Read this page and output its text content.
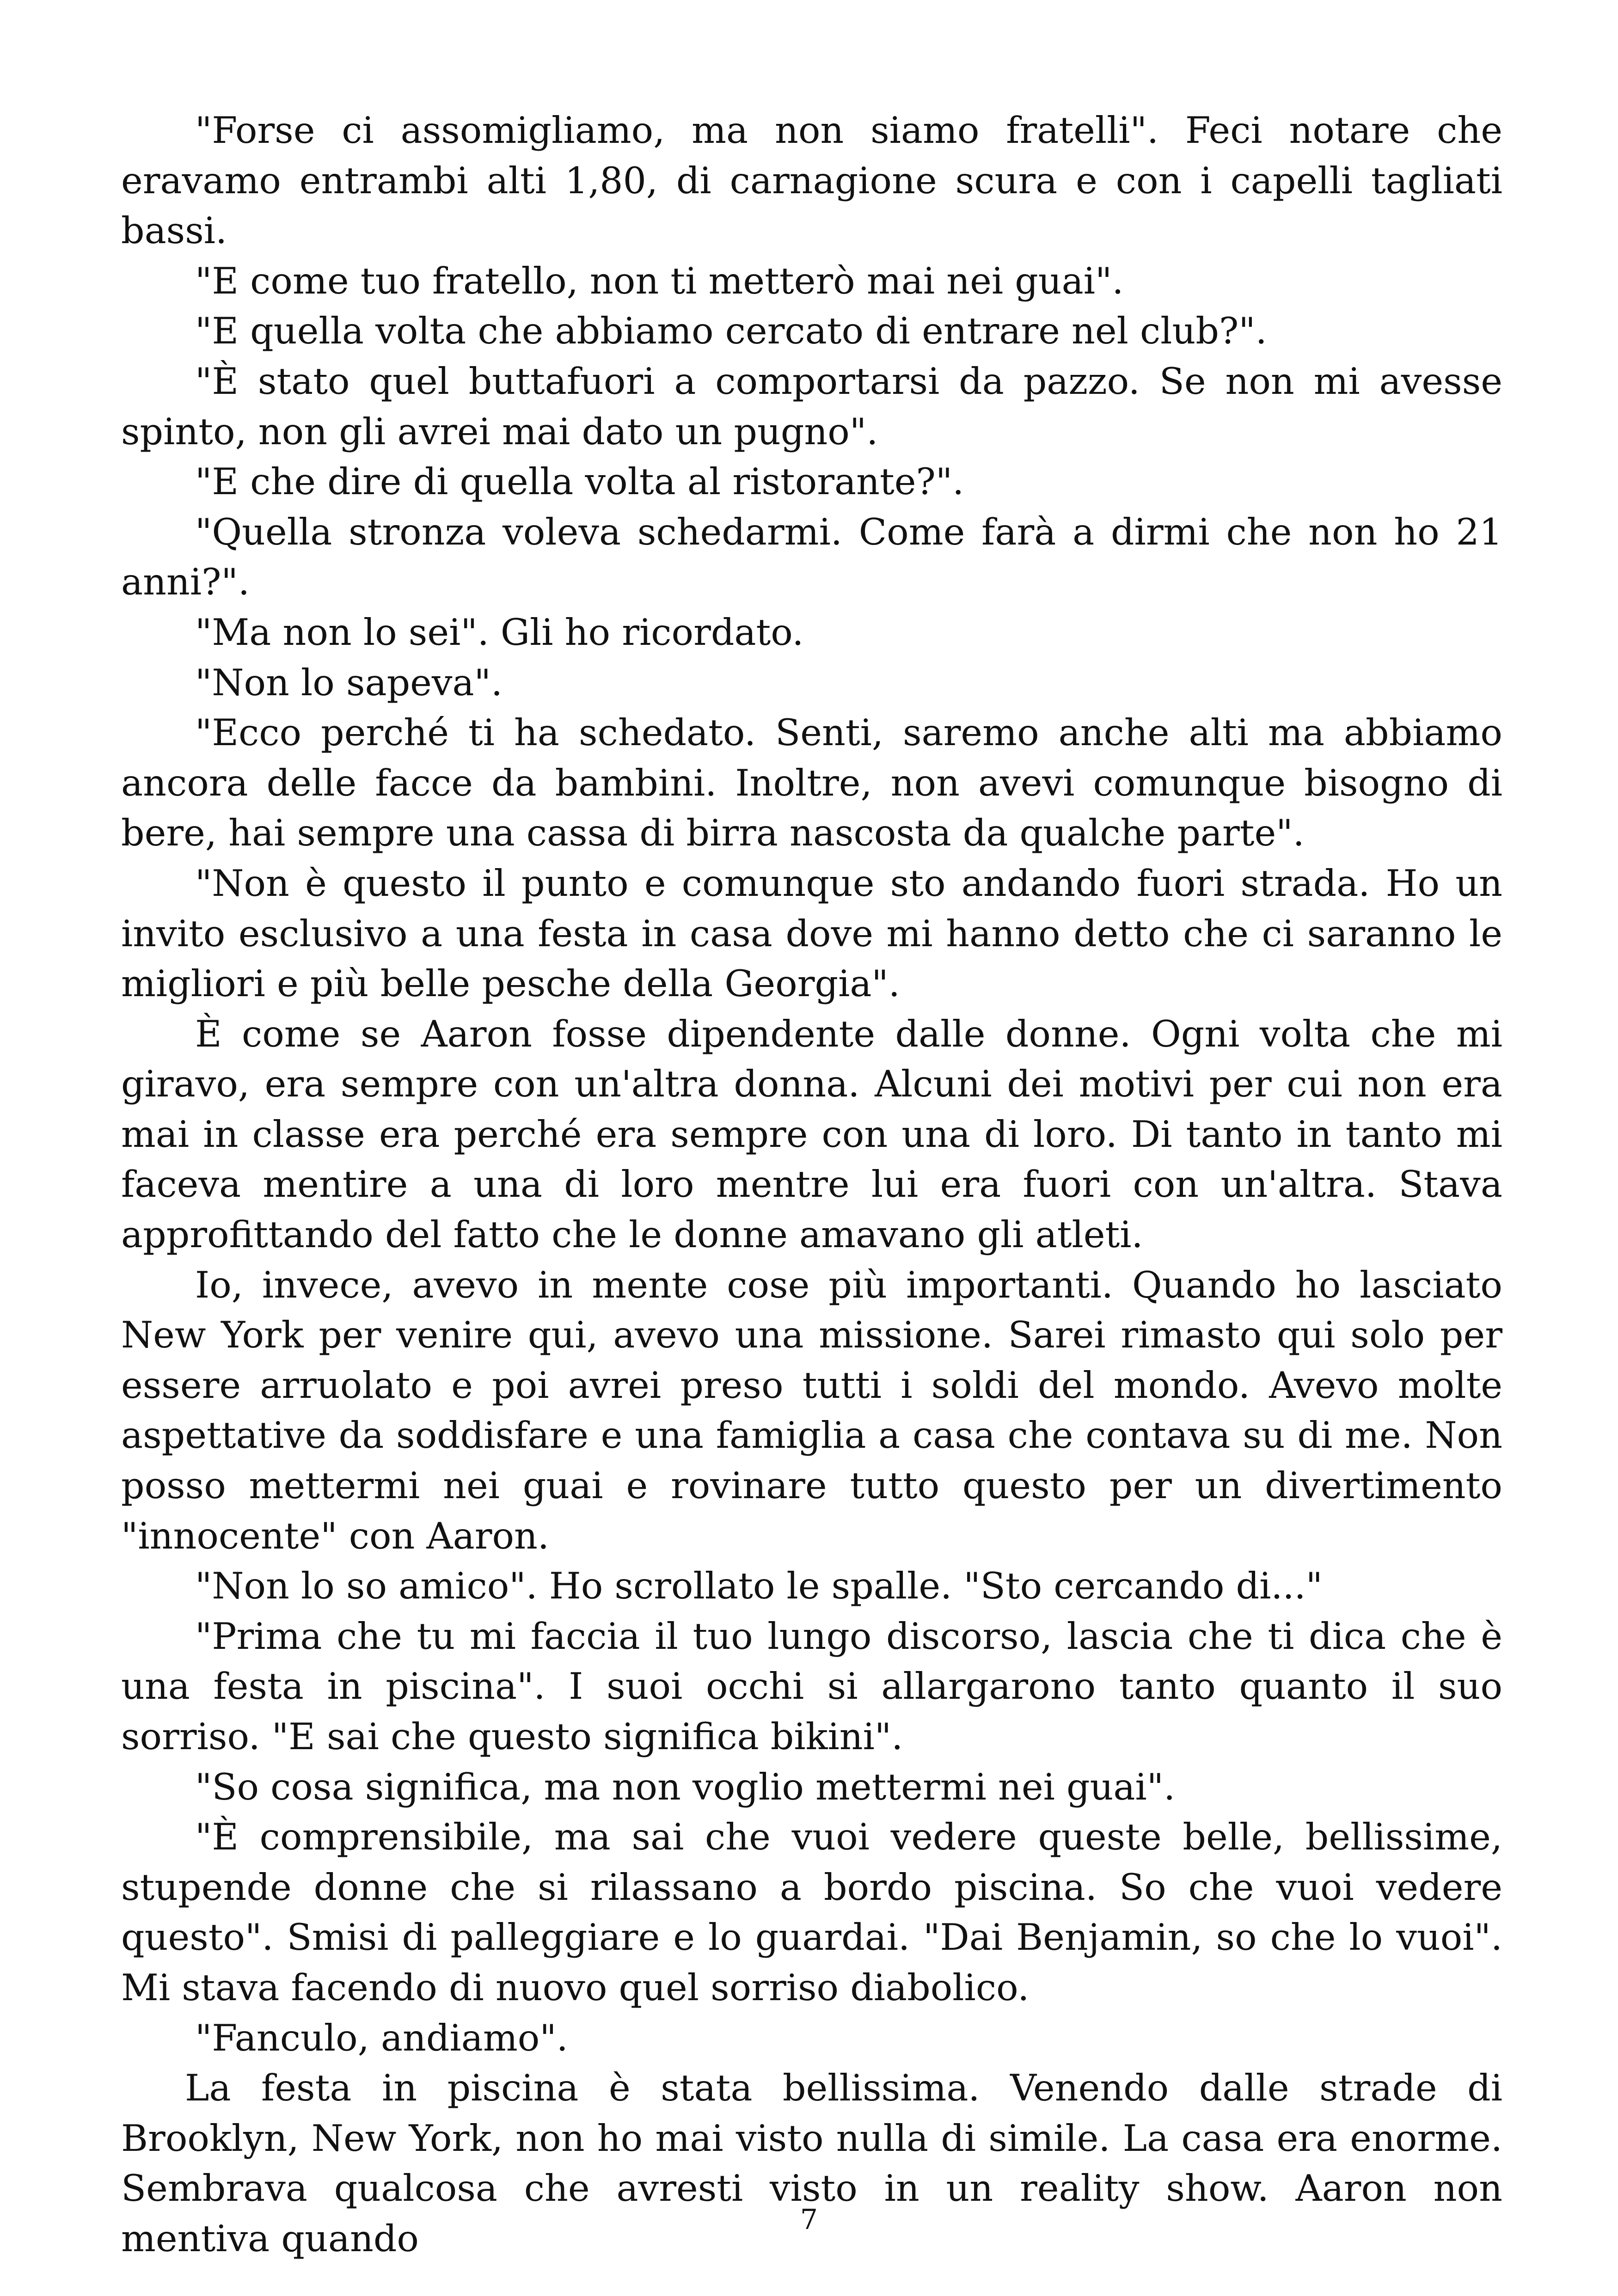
"Forse ci assomigliamo, ma non siamo fratelli". Feci notare che eravamo entrambi alti 1,80, di carnagione scura e con i capelli tagliati bassi.

"E come tuo fratello, non ti metterò mai nei guai".

"E quella volta che abbiamo cercato di entrare nel club?".

"È stato quel buttafuori a comportarsi da pazzo. Se non mi avesse spinto, non gli avrei mai dato un pugno".

"E che dire di quella volta al ristorante?".

"Quella stronza voleva schedarmi. Come farà a dirmi che non ho 21 anni?".

"Ma non lo sei". Gli ho ricordato.

"Non lo sapeva".

"Ecco perché ti ha schedato. Senti, saremo anche alti ma abbiamo ancora delle facce da bambini. Inoltre, non avevi comunque bisogno di bere, hai sempre una cassa di birra nascosta da qualche parte".

"Non è questo il punto e comunque sto andando fuori strada. Ho un invito esclusivo a una festa in casa dove mi hanno detto che ci saranno le migliori e più belle pesche della Georgia".

È come se Aaron fosse dipendente dalle donne. Ogni volta che mi giravo, era sempre con un'altra donna. Alcuni dei motivi per cui non era mai in classe era perché era sempre con una di loro. Di tanto in tanto mi faceva mentire a una di loro mentre lui era fuori con un'altra. Stava approfittando del fatto che le donne amavano gli atleti.

Io, invece, avevo in mente cose più importanti. Quando ho lasciato New York per venire qui, avevo una missione. Sarei rimasto qui solo per essere arruolato e poi avrei preso tutti i soldi del mondo. Avevo molte aspettative da soddisfare e una famiglia a casa che contava su di me. Non posso mettermi nei guai e rovinare tutto questo per un divertimento "innocente" con Aaron.

"Non lo so amico". Ho scrollato le spalle. "Sto cercando di..."

"Prima che tu mi faccia il tuo lungo discorso, lascia che ti dica che è una festa in piscina". I suoi occhi si allargarono tanto quanto il suo sorriso. "E sai che questo significa bikini".

"So cosa significa, ma non voglio mettermi nei guai".

"È comprensibile, ma sai che vuoi vedere queste belle, bellissime, stupende donne che si rilassano a bordo piscina. So che vuoi vedere questo". Smisi di palleggiare e lo guardai. "Dai Benjamin, so che lo vuoi". Mi stava facendo di nuovo quel sorriso diabolico.

"Fanculo, andiamo".

La festa in piscina è stata bellissima. Venendo dalle strade di Brooklyn, New York, non ho mai visto nulla di simile. La casa era enorme. Sembrava qualcosa che avresti visto in un reality show. Aaron non mentiva quando	7
